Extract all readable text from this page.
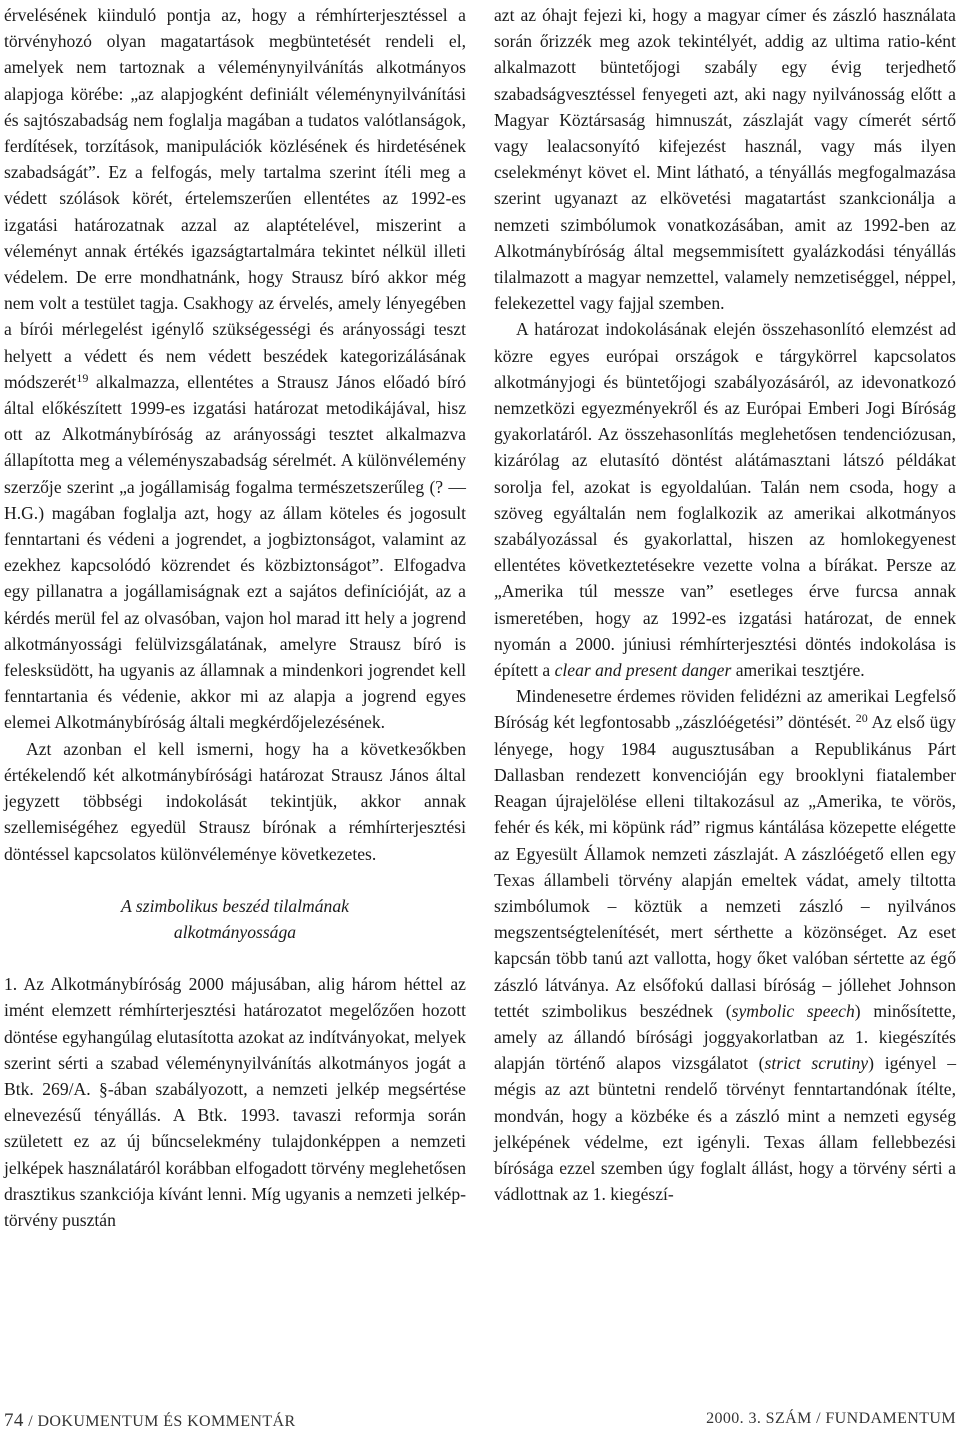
érvelésének kiinduló pontja az, hogy a rémhírterjesztéssel a törvényhozó olyan magatartások megbüntetését rendeli el, amelyek nem tartoznak a véleménynyilvánítás alkotmányos alapjoga körébe: „az alapjogként definiált véleménynyilvánítási és sajtószabadság nem foglalja magában a tudatos valótlanságok, ferdítések, torzítások, manipulációk közlésének és hirdetésének szabadságát”. Ez a felfogás, mely tartalma szerint ítéli meg a védett szólások körét, értelemszerűen ellentétes az 1992-es izgatási határozatnak azzal az alaptételével, miszerint a véleményt annak értékés igazságtartalmára tekintet nélkül illeti védelem. De erre mondhatnánk, hogy Strausz bíró akkor még nem volt a testület tagja. Csakhogy az érvelés, amely lényegében a bírói mérlegelést igénylő szükségességi és arányossági teszt helyett a védett és nem védett beszédek kategorizálásának módszerét$^{19}$ alkalmazza, ellentétes a Strausz János előadó bíró által előkészített 1999-es izgatási határozat metodikájával, hisz ott az Alkotmánybíróság az arányossági tesztet alkalmazva állapította meg a véleményszabadság sérelmét. A különvélemény szerzője szerint „a jogállamiság fogalma természetszerűleg (? — H.G.) magában foglalja azt, hogy az állam köteles és jogosult fenntartani és védeni a jogrendet, a jogbiztonságot, valamint az ezekhez kapcsolódó közrendet és közbiztonságot”. Elfogadva egy pillanatra a jogállamiságnak ezt a sajátos definícióját, az a kérdés merül fel az olvasóban, vajon hol marad itt hely a jogrend alkotmányossági felülvizsgálatának, amelyre Strausz bíró is felesksüdött, ha ugyanis az államnak a mindenkori jogrendet kell fenntartania és védenie, akkor mi az alapja a jogrend egyes elemei Alkotmánybíróság általi megkérdőjelezésének.

Azt azonban el kell ismerni, hogy ha a követkeзőkben értékelendő két alkotmánybírósági határozat Strausz János által jegyzett többségi indokolását tekintjük, akkor annak szellemiségéhez egyedül Strausz bírónak a rémhírterjesztési döntéssel kapcsolatos különvéleménye következetes.

A szimbolikus beszéd tilalmának
alkotmányossága

1. Az Alkotmánybíróság 2000 májusában, alig három héttel az imént elemzett rémhírterjesztési határozatot megelőzően hozott döntése egyhangúlag elutasította azokat az indítványokat, melyek szerint sérti a szabad véleménynyilvánítás alkotmányos jogát a Btk. 269/A. §-ában szabályozott, a nemzeti jelkép megsértése elnevezésű tényállás. A Btk. 1993. tavaszi reformja során született ez az új bűncselekmény tulajdonképpen a nemzeti jelképek használatáról korábban elfogadott törvény meglehetősen drasztikus szankciója kívánt lenni. Míg ugyanis a nemzeti jelkép-törvény pusztán

azt az óhajt fejezi ki, hogy a magyar címer és zászló használata során őrizzék meg azok tekintélyét, addig az ultima ratio-ként alkalmazott büntetőjogi szabály egy évig terjedhető szabadságvesztéssel fenyegeti azt, aki nagy nyilvánosság előtt a Magyar Köztársaság himnuszát, zászlaját vagy címerét sértő vagy lealacsonyító kifejezést használ, vagy más ilyen cselekményt követ el. Mint látható, a tényállás megfogalmazása szerint ugyanazt az elkövetési magatartást szankcionálja a nemzeti szimbólumok vonatkozásában, amit az 1992-ben az Alkotmánybíróság által megsemmisített gyalázkodási tényállás tilalmazott a magyar nemzettel, valamely nemzetiséggel, néppel, felekezettel vagy fajjal szemben.

A határozat indokolásának elején összehasonlító elemzést ad közre egyes európai országok e tárgykörrel kapcsolatos alkotmányjogi és büntetőjogi szabályozásáról, az idevonatkozó nemzetközi egyezményekről és az Európai Emberi Jogi Bíróság gyakorlatáról. Az összehasonlítás meglehetősen tendenciózusan, kizárólag az elutasító döntést alátámasztani látszó példákat sorolja fel, azokat is egyoldalúan. Talán nem csoda, hogy a szöveg egyáltalán nem foglalkozik az amerikai alkotmányos szabályozással és gyakorlattal, hiszen az homlokegyenest ellentétes következtetésekre vezette volna a bírákat. Persze az „Amerika túl messze van” esetleges érve furcsa annak ismeretében, hogy az 1992-es izgatási határozat, de ennek nyomán a 2000. júniusi rémhírterjesztési döntés indokolása is épített a clear and present danger amerikai tesztjére.

Mindenesetre érdemes röviden felidézni az amerikai Legfelső Bíróság két legfontosabb „zászlóégetési” döntését. $^{20}$ Az első ügy lényege, hogy 1984 augusztusában a Republikánus Párt Dallasban rendezett konvencióján egy brooklyni fiatalember Reagan újrajelölése elleni tiltakozásul az „Amerika, te vörös, fehér és kék, mi köpünk rád” rigmus kántálása közepette elégette az Egyesült Államok nemzeti zászlaját. A zászlóégető ellen egy Texas állambeli törvény alapján emeltek vádat, amely tiltotta szimbólumok – köztük a nemzeti zászló – nyilvános megszentségtelenítését, mert sérthette a közönséget. Az eset kapcsán több tanú azt vallotta, hogy őket valóban sértette az égő zászló látványa. Az elsőfokú dallasi bíróság – jóllehet Johnson tettét szimbolikus beszédnek (symbolic speech) minősítette, amely az állandó bírósági joggyakorlatban az 1. kiegészítés alapján történő alapos vizsgálatot (strict scrutiny) igényel – mégis az azt büntetni rendelő törvényt fenntartandónak ítélte, mondván, hogy a közbéke és a zászló mint a nemzeti egység jelképének védelme, ezt igényli. Texas állam fellebbezési bírósága ezzel szemben úgy foglalt állást, hogy a törvény sérti a vádlottnak az 1. kiegészí-

74 / DOKUMENTUM ÉS KOMMENTÁR	2000. 3. SZÁM / FUNDAMENTUM
